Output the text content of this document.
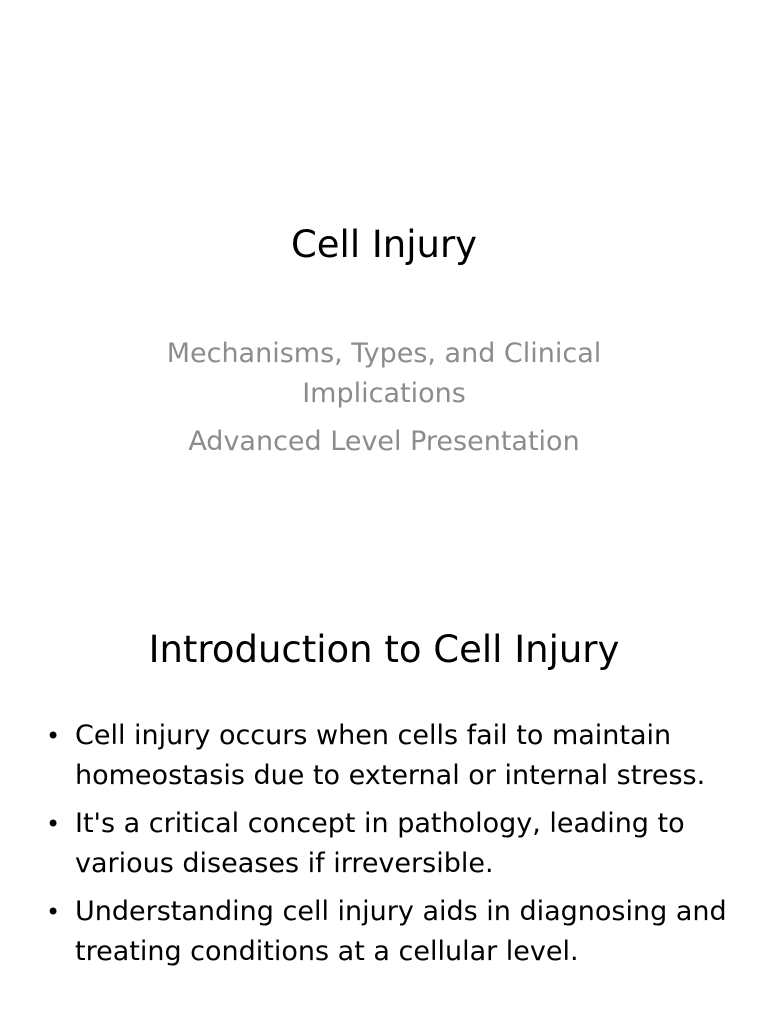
Cell Injury

Mechanisms, Types, and Clinical Implications

Advanced Level Presentation

Introduction to Cell Injury
• Cell injury occurs when cells fail to maintain homeostasis due to external or internal stress.
• It's a critical concept in pathology, leading to various diseases if irreversible.
• Understanding cell injury aids in diagnosing and treating conditions at a cellular level.
